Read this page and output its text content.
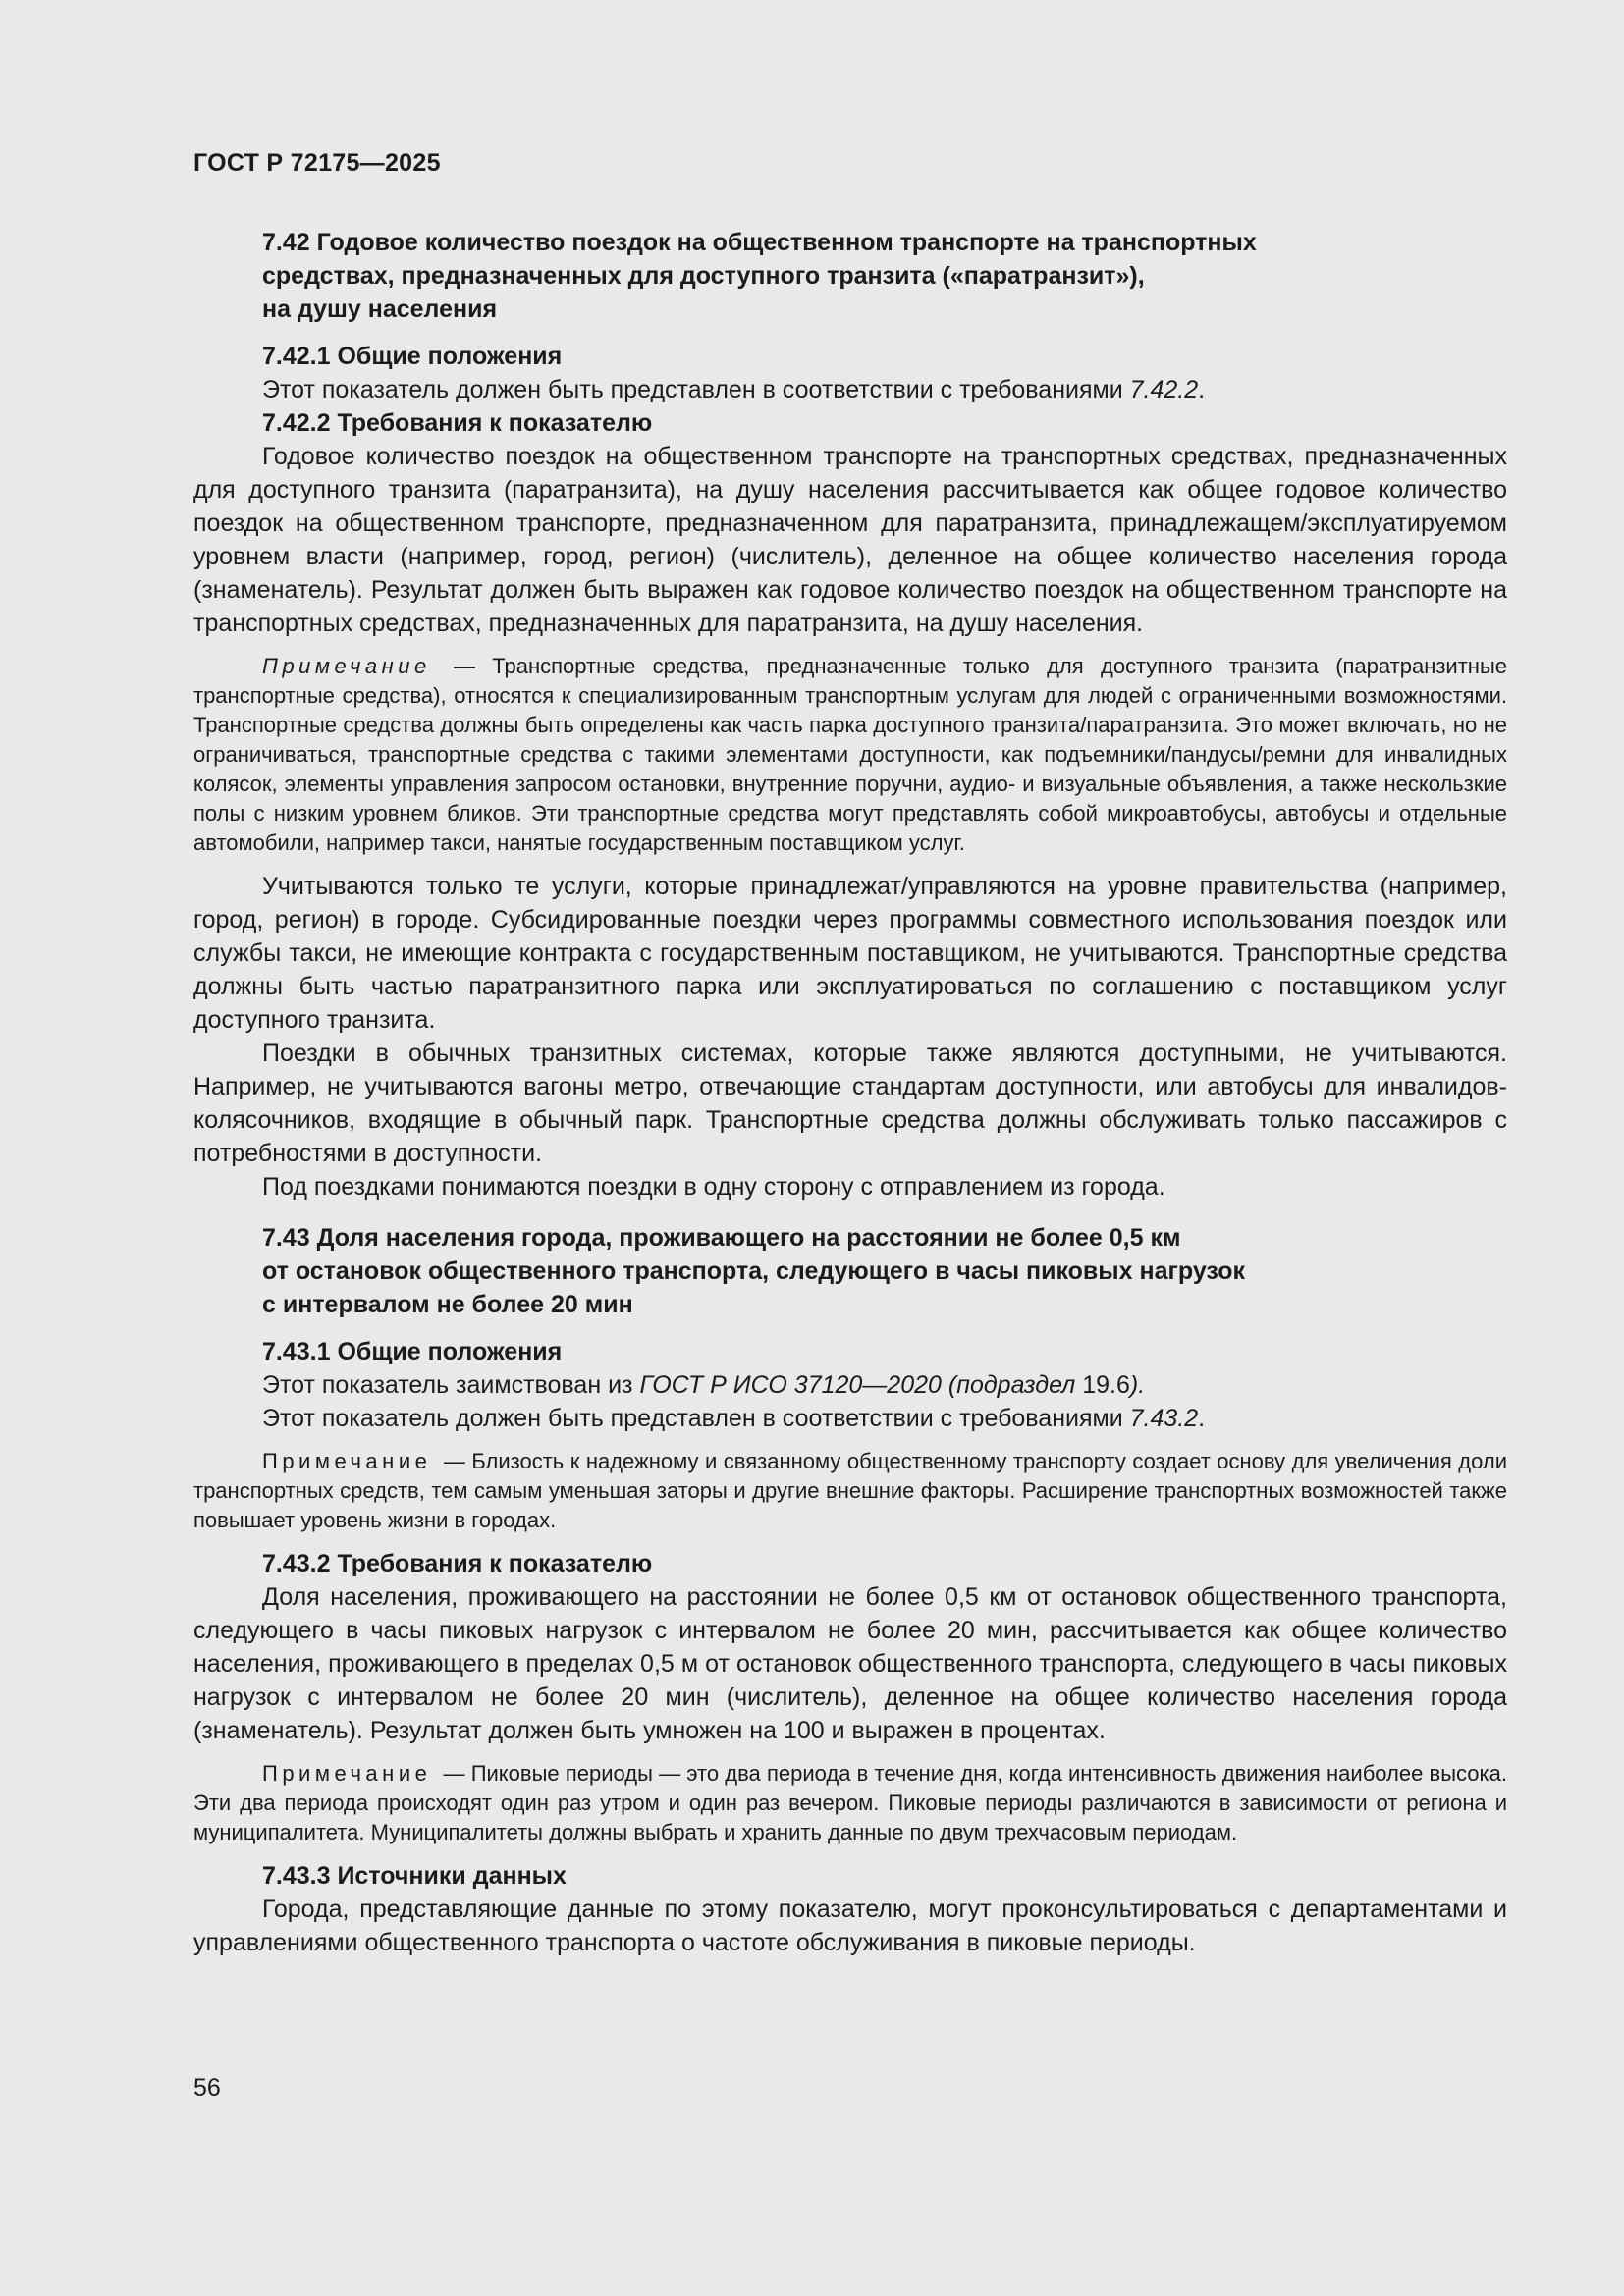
ГОСТ Р 72175—2025
7.42 Годовое количество поездок на общественном транспорте на транспортных
средствах, предназначенных для доступного транзита («паратранзит»),
на душу населения
7.42.1 Общие положения

Этот показатель должен быть представлен в соответствии с требованиями 7.42.2.

7.42.2 Требования к показателю

Годовое количество поездок на общественном транспорте на транспортных средствах, предназначенных для доступного транзита (паратранзита), на душу населения рассчитывается как общее годовое количество поездок на общественном транспорте, предназначенном для паратранзита, принадлежащем/эксплуатируемом уровнем власти (например, город, регион) (числитель), деленное на общее количество населения города (знаменатель). Результат должен быть выражен как годовое количество поездок на общественном транспорте на транспортных средствах, предназначенных для паратранзита, на душу населения.

Примечание — Транспортные средства, предназначенные только для доступного транзита (паратранзитные транспортные средства), относятся к специализированным транспортным услугам для людей с ограниченными возможностями. Транспортные средства должны быть определены как часть парка доступного транзита/паратранзита. Это может включать, но не ограничиваться, транспортные средства с такими элементами доступности, как подъемники/пандусы/ремни для инвалидных колясок, элементы управления запросом остановки, внутренние поручни, аудио- и визуальные объявления, а также нескользкие полы с низким уровнем бликов. Эти транспортные средства могут представлять собой микроавтобусы, автобусы и отдельные автомобили, например такси, нанятые государственным поставщиком услуг.

Учитываются только те услуги, которые принадлежат/управляются на уровне правительства (например, город, регион) в городе. Субсидированные поездки через программы совместного использования поездок или службы такси, не имеющие контракта с государственным поставщиком, не учитываются. Транспортные средства должны быть частью паратранзитного парка или эксплуатироваться по соглашению с поставщиком услуг доступного транзита.

Поездки в обычных транзитных системах, которые также являются доступными, не учитываются. Например, не учитываются вагоны метро, отвечающие стандартам доступности, или автобусы для инвалидов-колясочников, входящие в обычный парк. Транспортные средства должны обслуживать только пассажиров с потребностями в доступности.

Под поездками понимаются поездки в одну сторону с отправлением из города.

7.43 Доля населения города, проживающего на расстоянии не более 0,5 км
от остановок общественного транспорта, следующего в часы пиковых нагрузок
с интервалом не более 20 мин
7.43.1 Общие положения

Этот показатель заимствован из ГОСТ Р ИСО 37120—2020 (подраздел 19.6).

Этот показатель должен быть представлен в соответствии с требованиями 7.43.2.

Примечание — Близость к надежному и связанному общественному транспорту создает основу для увеличения доли транспортных средств, тем самым уменьшая заторы и другие внешние факторы. Расширение транспортных возможностей также повышает уровень жизни в городах.

7.43.2 Требования к показателю

Доля населения, проживающего на расстоянии не более 0,5 км от остановок общественного транспорта, следующего в часы пиковых нагрузок с интервалом не более 20 мин, рассчитывается как общее количество населения, проживающего в пределах 0,5 м от остановок общественного транспорта, следующего в часы пиковых нагрузок с интервалом не более 20 мин (числитель), деленное на общее количество населения города (знаменатель). Результат должен быть умножен на 100 и выражен в процентах.

Примечание — Пиковые периоды — это два периода в течение дня, когда интенсивность движения наиболее высока. Эти два периода происходят один раз утром и один раз вечером. Пиковые периоды различаются в зависимости от региона и муниципалитета. Муниципалитеты должны выбрать и хранить данные по двум трехчасовым периодам.

7.43.3 Источники данных

Города, представляющие данные по этому показателю, могут проконсультироваться с департаментами и управлениями общественного транспорта о частоте обслуживания в пиковые периоды.

56
